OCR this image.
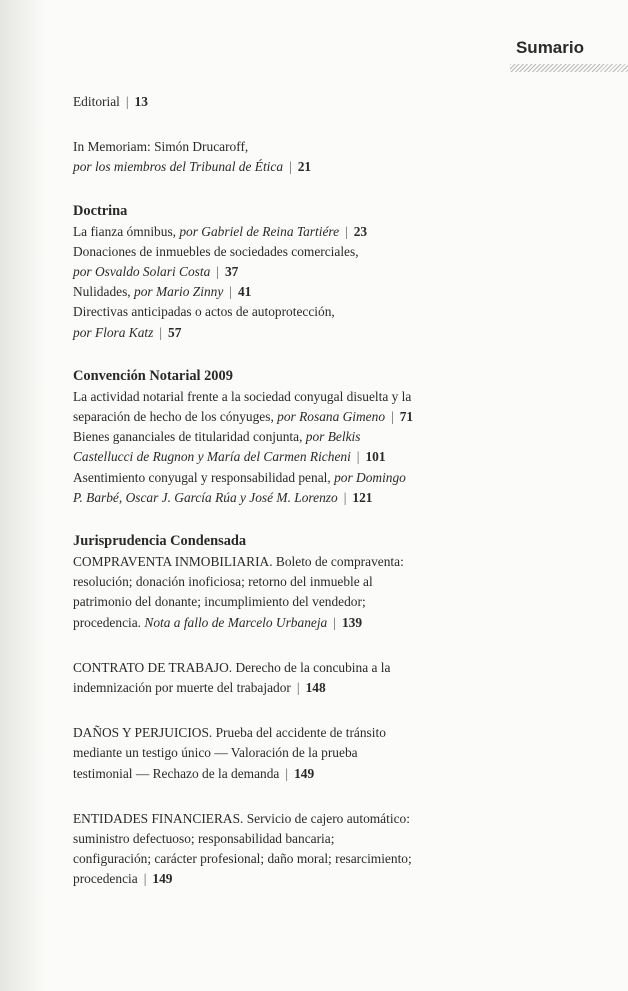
Sumario
Editorial | 13
In Memoriam: Simón Drucaroff,
por los miembros del Tribunal de Ética | 21
Doctrina
La fianza ómnibus, por Gabriel de Reina Tartiére | 23
Donaciones de inmuebles de sociedades comerciales,
por Osvaldo Solari Costa | 37
Nulidades, por Mario Zinny | 41
Directivas anticipadas o actos de autoprotección,
por Flora Katz | 57
Convención Notarial 2009
La actividad notarial frente a la sociedad conyugal disuelta y la
separación de hecho de los cónyuges, por Rosana Gimeno | 71
Bienes gananciales de titularidad conjunta, por Belkis
Castellucci de Rugnon y María del Carmen Richeni | 101
Asentimiento conyugal y responsabilidad penal, por Domingo
P. Barbé, Oscar J. García Rúa y José M. Lorenzo | 121
Jurisprudencia Condensada
COMPRAVENTA INMOBILIARIA. Boleto de compraventa:
resolución; donación inoficiosa; retorno del inmueble al
patrimonio del donante; incumplimiento del vendedor;
procedencia. Nota a fallo de Marcelo Urbaneja | 139
CONTRATO DE TRABAJO. Derecho de la concubina a la
indemnización por muerte del trabajador | 148
DAÑOS Y PERJUICIOS. Prueba del accidente de tránsito
mediante un testigo único — Valoración de la prueba
testimonial — Rechazo de la demanda | 149
ENTIDADES FINANCIERAS. Servicio de cajero automático:
suministro defectuoso; responsabilidad bancaria;
configuración; carácter profesional; daño moral; resarcimiento;
procedencia | 149
